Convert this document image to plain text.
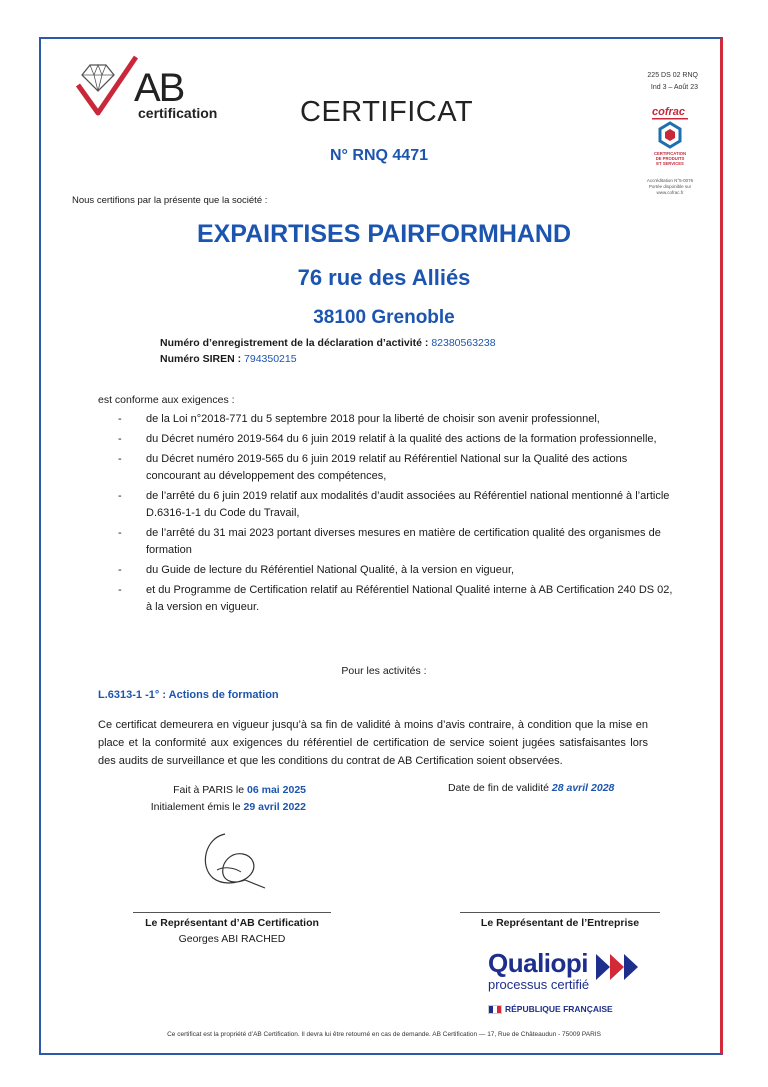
AB
certification	CERTIFICAT
N° RNQ 4471
225 DS 02 RNQ
Ind 3 – Août 23
cofrac
CERTIFICATION
DE PRODUITS
ET SERVICES
Accréditation N°5-0076 Portée disponible sur www.cofrac.fr
Nous certifions par la présente que la société :
EXPAIRTISES PAIRFORMHAND
76 rue des Alliés
38100 Grenoble
Numéro d’enregistrement de la déclaration d’activité : 82380563238
Numéro SIREN : 794350215
est conforme aux exigences :
- de la Loi n°2018-771 du 5 septembre 2018 pour la liberté de choisir son avenir professionnel,
- du Décret numéro 2019-564 du 6 juin 2019 relatif à la qualité des actions de la formation professionnelle,
- du Décret numéro 2019-565 du 6 juin 2019 relatif au Référentiel National sur la Qualité des actions concourant au développement des compétences,
- de l’arrêté du 6 juin 2019 relatif aux modalités d’audit associées au Référentiel national mentionné à l’article D.6316-1-1 du Code du Travail,
- de l’arrêté du 31 mai 2023 portant diverses mesures en matière de certification qualité des organismes de formation
- du Guide de lecture du Référentiel National Qualité, à la version en vigueur,
- et du Programme de Certification relatif au Référentiel National Qualité interne à AB Certification 240 DS 02, à la version en vigueur.
Pour les activités :
L.6313-1 -1° : Actions de formation
Ce certificat demeurera en vigueur jusqu’à sa fin de validité à moins d’avis contraire, à condition que la mise en place et la conformité aux exigences du référentiel de certification de service soient jugées satisfaisantes lors des audits de surveillance et que les conditions du contrat de AB Certification soient observées.
Fait à PARIS le 06 mai 2025
Initialement émis le 29 avril 2022
Date de fin de validité 28 avril 2028
Le Représentant d’AB Certification
Georges ABI RACHED
Le Représentant de l’Entreprise
Qualiopi
processus certifié
RÉPUBLIQUE FRANÇAISE
Ce certificat est la propriété d’AB Certification. Il devra lui être retourné en cas de demande. AB Certification — 17, Rue de Châteaudun - 75009 PARIS
